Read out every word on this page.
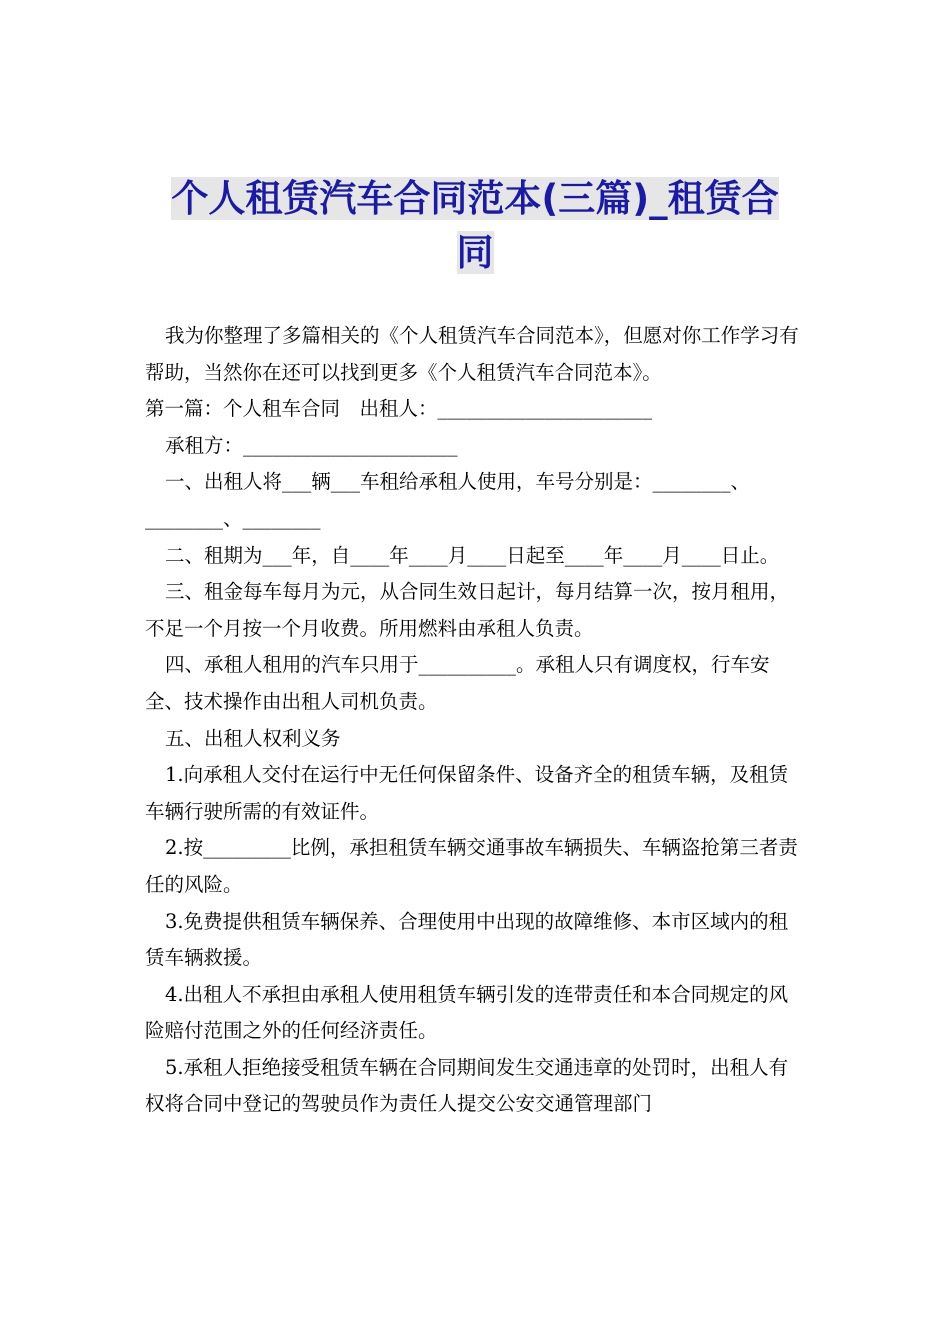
个人租赁汽车合同范本(三篇)_租赁合
同

我为你整理了多篇相关的《个人租赁汽车合同范本》，但愿对你工作学习有帮助，当然你在还可以找到更多《个人租赁汽车合同范本》。

第一篇：个人租车合同　出租人：______________________

承租方：______________________

一、出租人将___辆___车租给承租人使用，车号分别是：________、________、________

二、租期为___年，自____年____月____日起至____年____月____日止。

三、租金每车每月为元，从合同生效日起计，每月结算一次，按月租用，不足一个月按一个月收费。所用燃料由承租人负责。

四、承租人租用的汽车只用于__________。承租人只有调度权，行车安全、技术操作由出租人司机负责。

五、出租人权利义务

1.向承租人交付在运行中无任何保留条件、设备齐全的租赁车辆，及租赁车辆行驶所需的有效证件。

2.按_________比例，承担租赁车辆交通事故车辆损失、车辆盗抢第三者责任的风险。

3.免费提供租赁车辆保养、合理使用中出现的故障维修、本市区域内的租赁车辆救援。

4.出租人不承担由承租人使用租赁车辆引发的连带责任和本合同规定的风险赔付范围之外的任何经济责任。

5.承租人拒绝接受租赁车辆在合同期间发生交通违章的处罚时，出租人有权将合同中登记的驾驶员作为责任人提交公安交通管理部门
